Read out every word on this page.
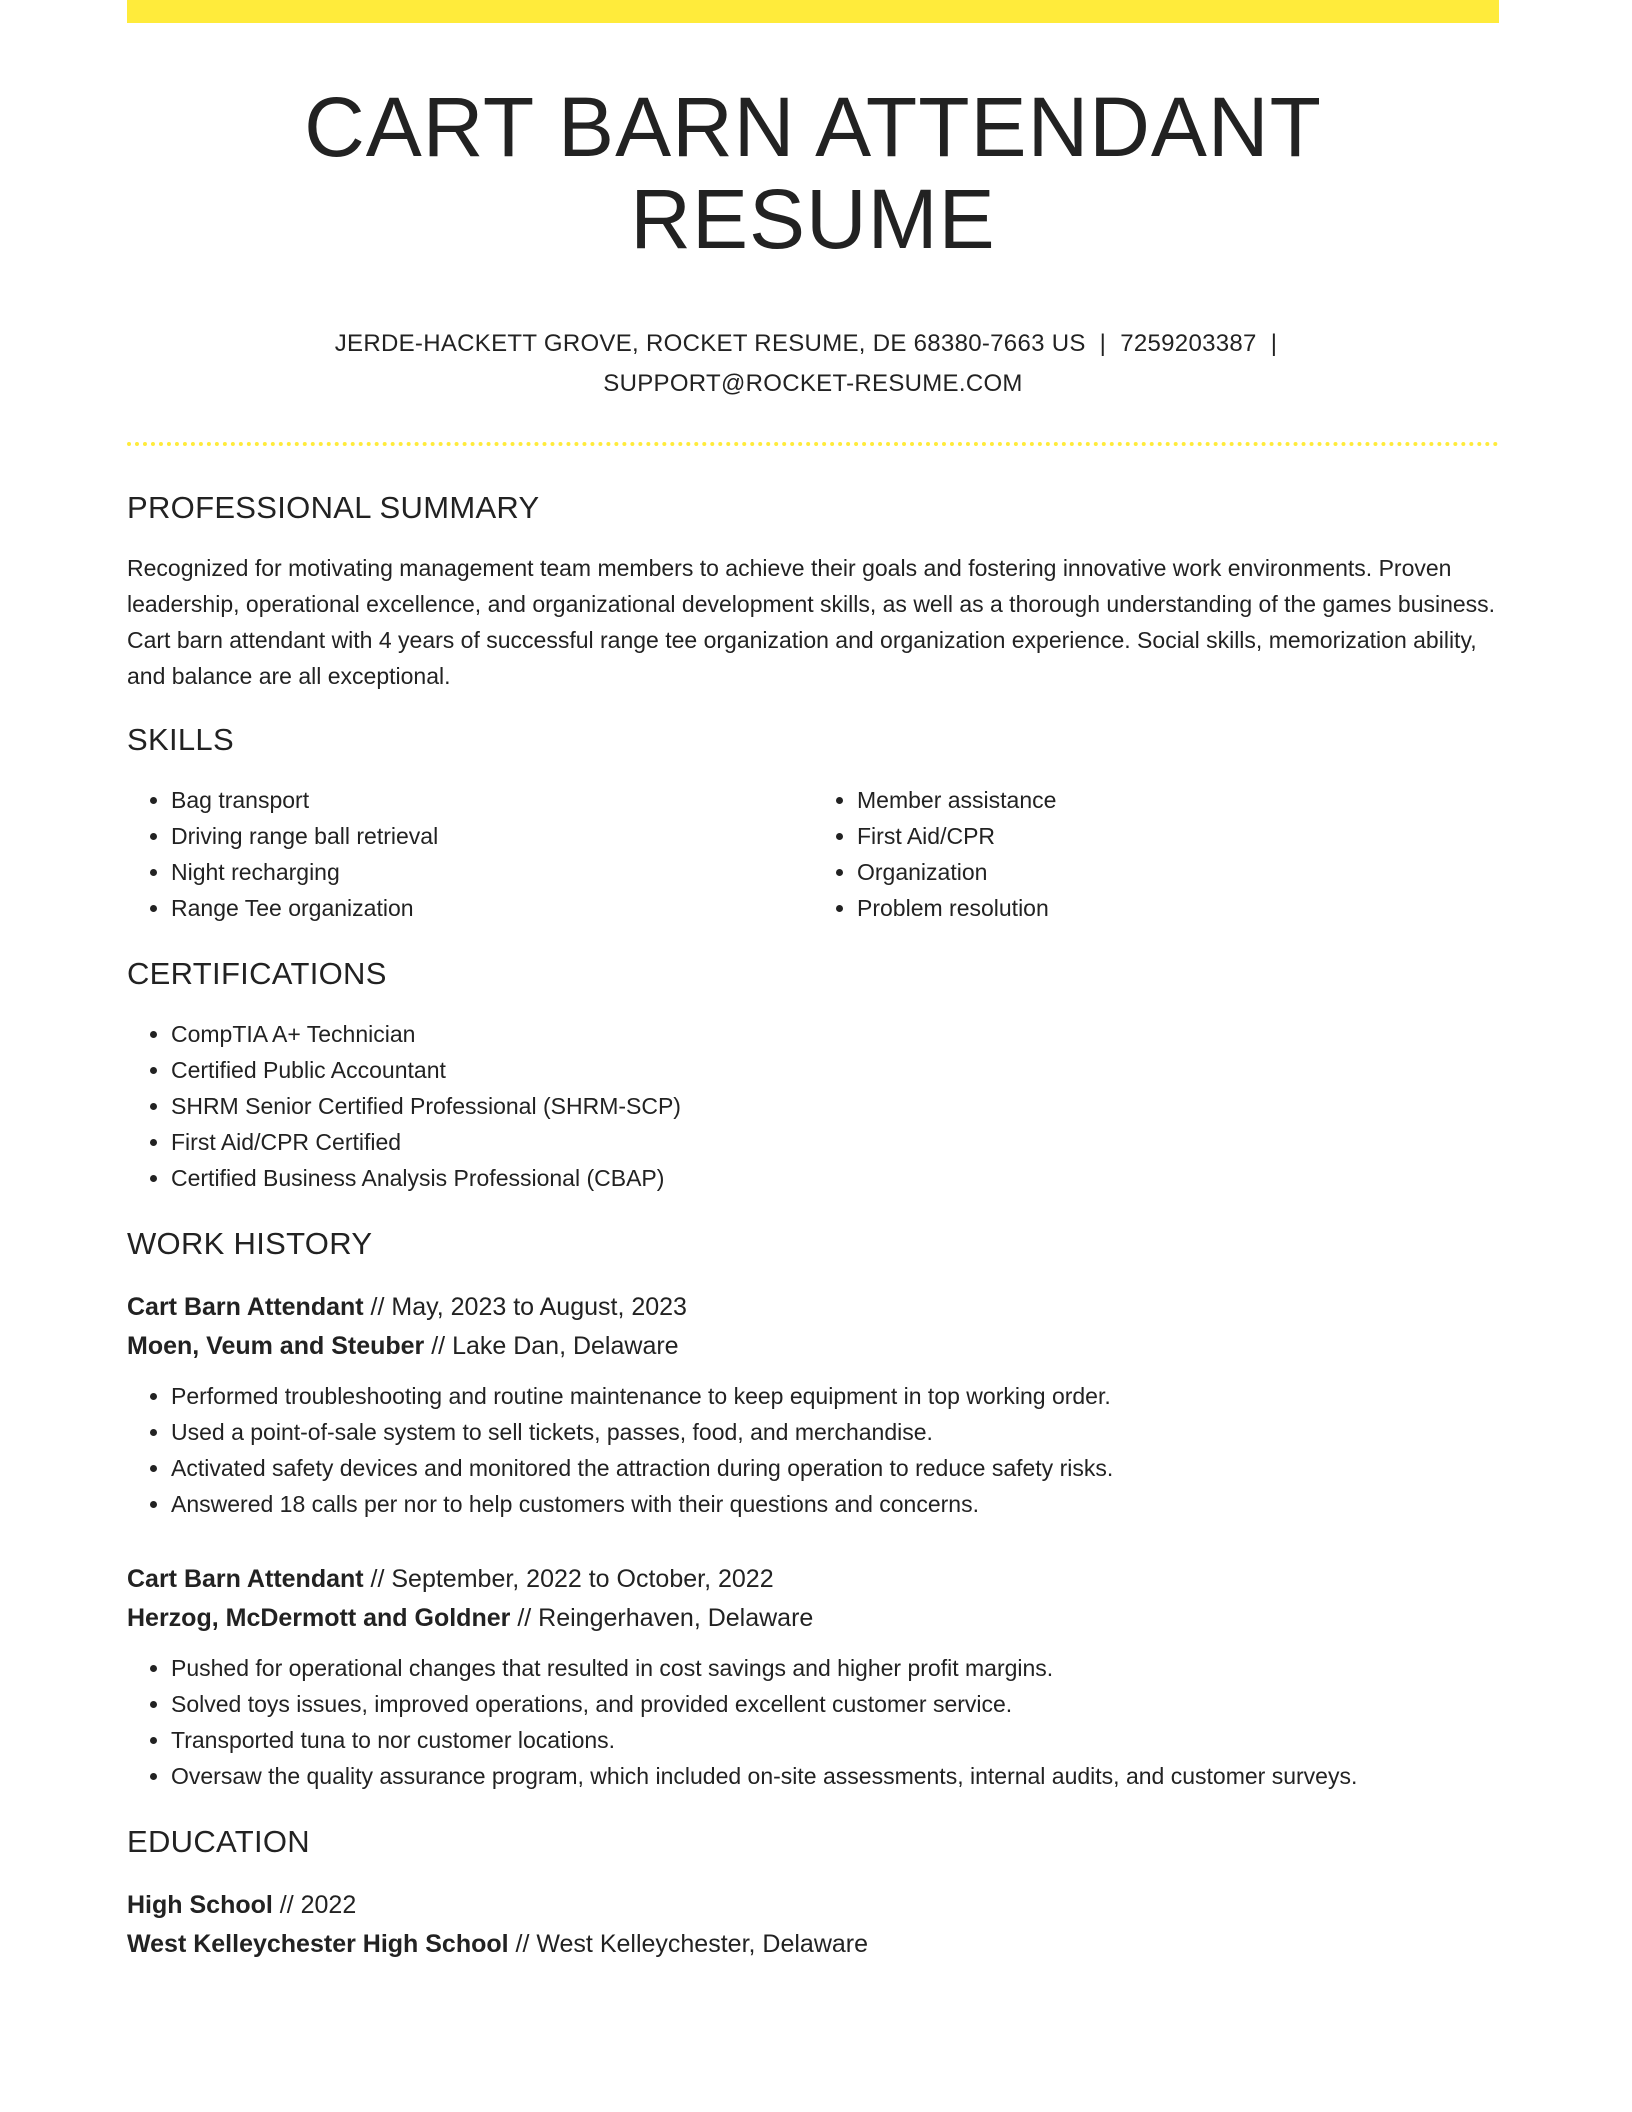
CART BARN ATTENDANT RESUME
JERDE-HACKETT GROVE, ROCKET RESUME, DE 68380-7663 US | 7259203387 |
SUPPORT@ROCKET-RESUME.COM
PROFESSIONAL SUMMARY

Recognized for motivating management team members to achieve their goals and fostering innovative work environments. Proven leadership, operational excellence, and organizational development skills, as well as a thorough understanding of the games business. Cart barn attendant with 4 years of successful range tee organization and organization experience. Social skills, memorization ability, and balance are all exceptional.

SKILLS
• Bag transport
• Driving range ball retrieval
• Night recharging
• Range Tee organization
• Member assistance
• First Aid/CPR
• Organization
• Problem resolution
CERTIFICATIONS
• CompTIA A+ Technician
• Certified Public Accountant
• SHRM Senior Certified Professional (SHRM-SCP)
• First Aid/CPR Certified
• Certified Business Analysis Professional (CBAP)
WORK HISTORY
Cart Barn Attendant // May, 2023 to August, 2023
Moen, Veum and Steuber // Lake Dan, Delaware
• Performed troubleshooting and routine maintenance to keep equipment in top working order.
• Used a point-of-sale system to sell tickets, passes, food, and merchandise.
• Activated safety devices and monitored the attraction during operation to reduce safety risks.
• Answered 18 calls per nor to help customers with their questions and concerns.
Cart Barn Attendant // September, 2022 to October, 2022
Herzog, McDermott and Goldner // Reingerhaven, Delaware
• Pushed for operational changes that resulted in cost savings and higher profit margins.
• Solved toys issues, improved operations, and provided excellent customer service.
• Transported tuna to nor customer locations.
• Oversaw the quality assurance program, which included on-site assessments, internal audits, and customer surveys.
EDUCATION
High School // 2022
West Kelleychester High School // West Kelleychester, Delaware
